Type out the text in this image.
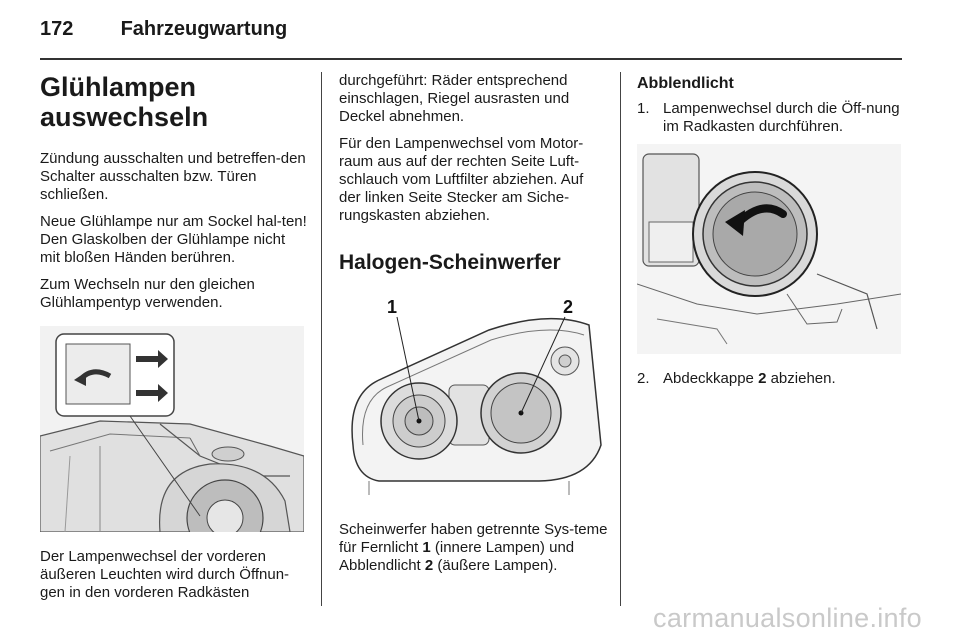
172 Fahrzeugwartung
Glühlampen auswechseln

Zündung ausschalten und betreffen-den Schalter ausschalten bzw. Türen schließen.

Neue Glühlampe nur am Sockel hal-ten! Den Glaskolben der Glühlampe nicht mit bloßen Händen berühren.

Zum Wechseln nur den gleichen Glühlampentyp verwenden.

Der Lampenwechsel der vorderen äußeren Leuchten wird durch Öffnun-gen in den vorderen Radkästen

durchgeführt: Räder entsprechend einschlagen, Riegel ausrasten und Deckel abnehmen.

Für den Lampenwechsel vom Motor-raum aus auf der rechten Seite Luft-schlauch vom Luftfilter abziehen. Auf der linken Seite Stecker am Siche-rungskasten abziehen.

Halogen-Scheinwerfer
1	2

Scheinwerfer haben getrennte Sys-teme für Fernlicht 1 (innere Lampen) und Abblendlicht 2 (äußere Lampen).

Abblendlicht
1. Lampenwechsel durch die Öff-nung im Radkasten durchführen.
2. Abdeckkappe 2 abziehen.
carmanualsonline.info
